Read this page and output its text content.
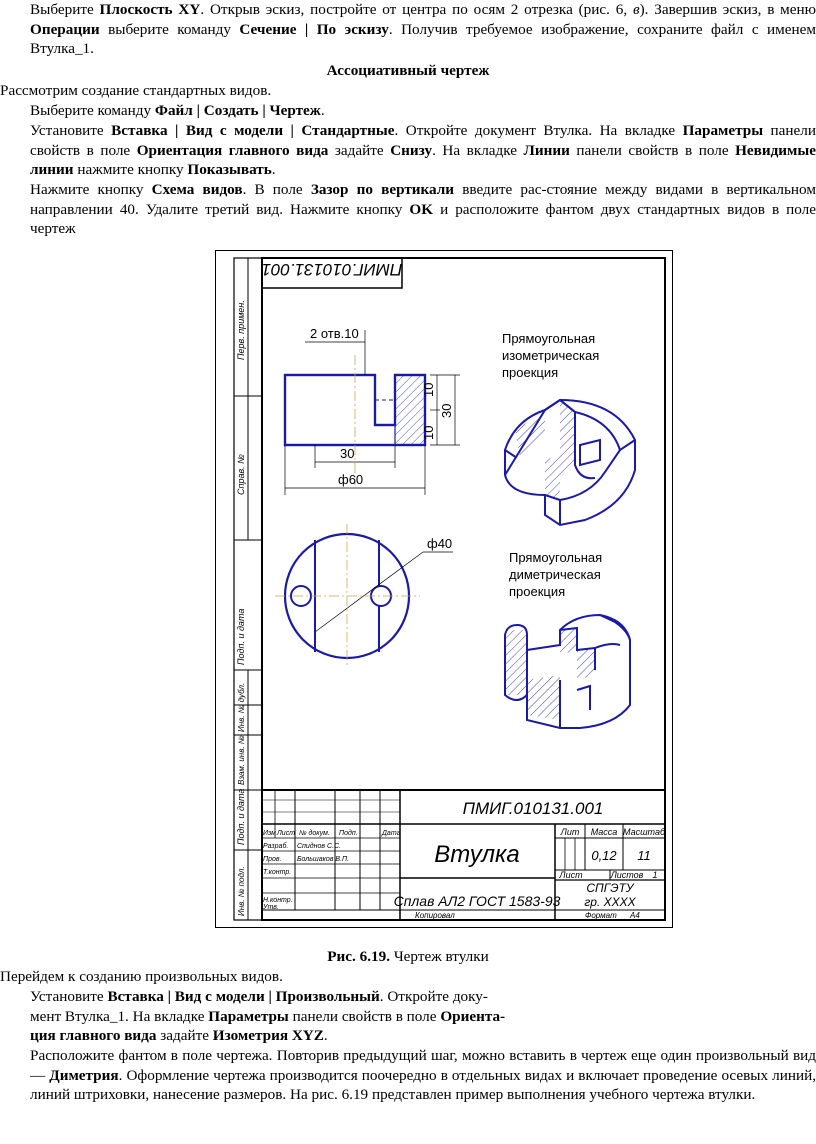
Выберите Плоскость XY. Открыв эскиз, постройте от центра по осям 2 отрезка (рис. 6, в). Завершив эскиз, в меню Операции выберите команду Сечение | По эскизу. Получив требуемое изображение, сохраните файл с именем Втулка_1.

Ассоциативный чертеж

Рассмотрим создание стандартных видов.

Выберите команду Файл | Создать | Чертеж.

Установите Вставка | Вид с модели | Стандартные. Откройте документ Втулка. На вкладке Параметры панели свойств в поле Ориентация главного вида задайте Снизу. На вкладке Линии панели свойств в поле Невидимые линии нажмите кнопку Показывать.

Нажмите кнопку Схема видов. В поле Зазор по вертикали введите рас-стояние между видами в вертикальном направлении 40. Удалите третий вид. Нажмите кнопку OK и расположите фантом двух стандартных видов в поле чертеж

Перв. примен.
Справ. №
Подп. и дата
Инв. № дубл.
Взам. инв. №
Подп. и дата
Инв. № подл.
ПМИГ.010131.001
2 отв.10
10
30
10
30
ф60
ф40
Прямоугольная
изометрическая
проекция
Прямоугольная
диметрическая
проекция
ПМИГ.010131.001
Втулка
Сплав АЛ2 ГОСТ 1583-93
Лит Масса Масштаб
0,12 11
Лист	Листов 1
СПГЭТУ
гр. ХХХХ
Изм Лист № докум. Подп.	Дата
Разраб. Спиднов С.С.
Пров. Большаков В.П.
Т.контр.
Н.контр.
Утв.
Копировал	Формат А4
Рис. 6.19. Чертеж втулки

Перейдем к созданию произвольных видов.

Установите Вставка | Вид с модели | Произвольный. Откройте доку-
мент Втулка_1. На вкладке Параметры панели свойств в поле Ориента-
ция главного вида задайте Изометрия XYZ.

Расположите фантом в поле чертежа. Повторив предыдущий шаг, можно вставить в чертеж еще один произвольный вид — Диметрия. Оформление чертежа производится поочередно в отдельных видах и включает проведение осевых линий, линий штриховки, нанесение размеров. На рис. 6.19 представлен пример выполнения учебного чертежа втулки.
